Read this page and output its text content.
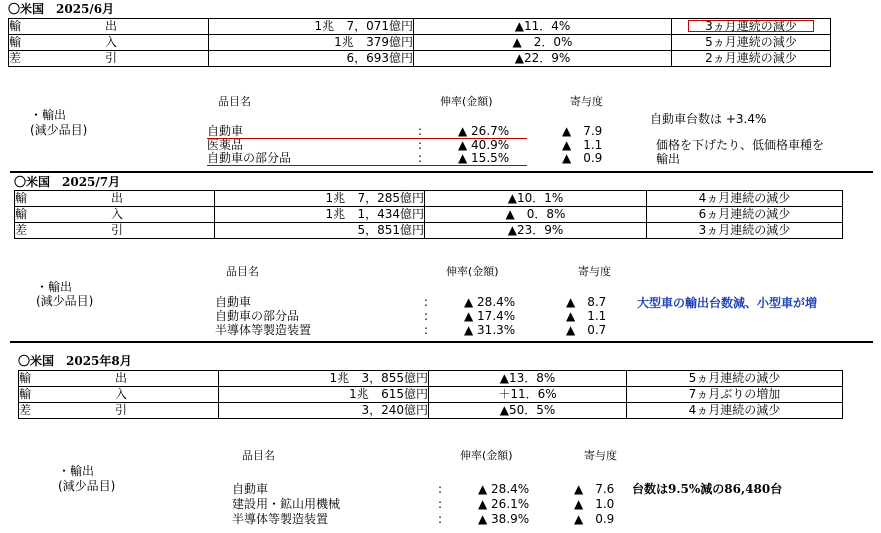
〇米国　2025/6月
輸 出	1兆 7，071億円	▲11．4%	3ヵ月連続の減少
輸 入	1兆 379億円	▲　2．0%	5ヵ月連続の減少
差 引	6，693億円	▲22．9%	2ヵ月連続の減少
品目名	伸率(金額)	寄与度
・輸出
(減少品目)	自動車	:	▲ 26.7%	▲　7.9
医薬品	:	▲ 40.9%	▲　1.1
自動車の部分品	:	▲ 15.5%	▲　0.9
自動車台数は +3.4%
価格を下げたり、低価格車種を
輸出
〇米国　2025/7月
輸 出	1兆 7，285億円	▲10．1%	4ヵ月連続の減少
輸 入	1兆 1，434億円	▲　0．8%	6ヵ月連続の減少
差 引	5，851億円	▲23．9%	3ヵ月連続の減少
品目名	伸率(金額)	寄与度
・輸出
(減少品目)	自動車	:	▲ 28.4%	▲　8.7
自動車の部分品	:	▲ 17.4%	▲　1.1
半導体等製造装置	:	▲ 31.3%	▲　0.7
大型車の輸出台数減、小型車が増
〇米国　2025年8月
輸 出	1兆 3，855億円	▲13．8%	5ヵ月連続の減少
輸 入	1兆 615億円	＋11．6%	7ヵ月ぶりの増加
差 引	3，240億円	▲50．5%	4ヵ月連続の減少
品目名	伸率(金額)	寄与度
・輸出
(減少品目)	自動車	:	▲ 28.4%	▲　7.6
建設用・鉱山用機械	:	▲ 26.1%	▲　1.0
半導体等製造装置	:	▲ 38.9%	▲　0.9
台数は9.5%減の86,480台
